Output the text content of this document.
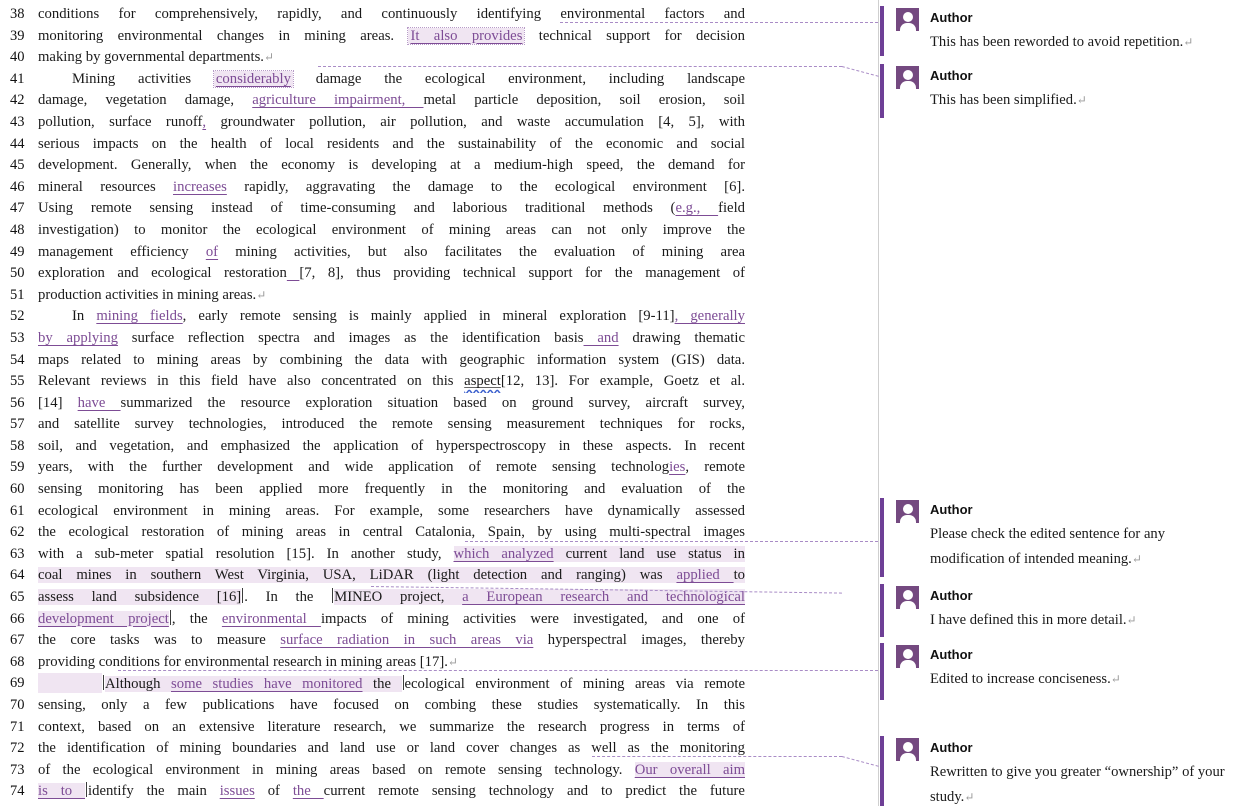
38 conditions for comprehensively, rapidly, and continuously identifying environmental factors and
39 monitoring environmental changes in mining areas. It also provides technical support for decision
40 making by governmental departments.↵
41	Mining activities considerably damage the ecological environment, including landscape
42 damage, vegetation damage, agriculture impairment, metal particle deposition, soil erosion, soil
43 pollution, surface runoff, groundwater pollution, air pollution, and waste accumulation [4, 5], with
44 serious impacts on the health of local residents and the sustainability of the economic and social
45 development. Generally, when the economy is developing at a medium-high speed, the demand for
46 mineral resources increases rapidly, aggravating the damage to the ecological environment [6].
47 Using remote sensing instead of time-consuming and laborious traditional methods (e.g., field
48 investigation) to monitor the ecological environment of mining areas can not only improve the
49 management efficiency of mining activities, but also facilitates the evaluation of mining area
50 exploration and ecological restoration [7, 8], thus providing technical support for the management of
51 production activities in mining areas.↵
52	In mining fields, early remote sensing is mainly applied in mineral exploration [9-11], generally
53 by applying surface reflection spectra and images as the identification basis and drawing thematic
54 maps related to mining areas by combining the data with geographic information system (GIS) data.
55 Relevant reviews in this field have also concentrated on this aspect[12, 13]. For example, Goetz et al.
56 [14] have summarized the resource exploration situation based on ground survey, aircraft survey,
57 and satellite survey technologies, introduced the remote sensing measurement techniques for rocks,
58 soil, and vegetation, and emphasized the application of hyperspectroscopy in these aspects. In recent
59 years, with the further development and wide application of remote sensing technologies, remote
60 sensing monitoring has been applied more frequently in the monitoring and evaluation of the
61 ecological environment in mining areas. For example, some researchers have dynamically assessed
62 the ecological restoration of mining areas in central Catalonia, Spain, by using multi-spectral images
63 with a sub-meter spatial resolution [15]. In another study, which analyzed current land use status in
64 coal mines in southern West Virginia, USA, LiDAR (light detection and ranging) was applied to
65 assess land subsidence [16] . In the MINEO project, a European research and technological
66 development project , the environmental impacts of mining activities were investigated, and one of
67 the core tasks was to measure surface radiation in such areas via hyperspectral images, thereby
68 providing conditions for environmental research in mining areas [17].↵
69	Although some studies have monitored the ecological environment of mining areas via remote
70 sensing, only a few publications have focused on combing these studies systematically. In this
71 context, based on an extensive literature research, we summarize the research progress in terms of
72 the identification of mining boundaries and land use or land cover changes as well as the monitoring
73 of the ecological environment in mining areas based on remote sensing technology. Our overall aim
74 is to identify the main issues of the current remote sensing technology and to predict the future
Author
This has been reworded to avoid repetition.↵
Author
This has been simplified.↵
Author
Please check the edited sentence for any modification of intended meaning.↵
Author
I have defined this in more detail.↵
Author
Edited to increase conciseness.↵
Author
Rewritten to give you greater “ownership” of your study.↵
